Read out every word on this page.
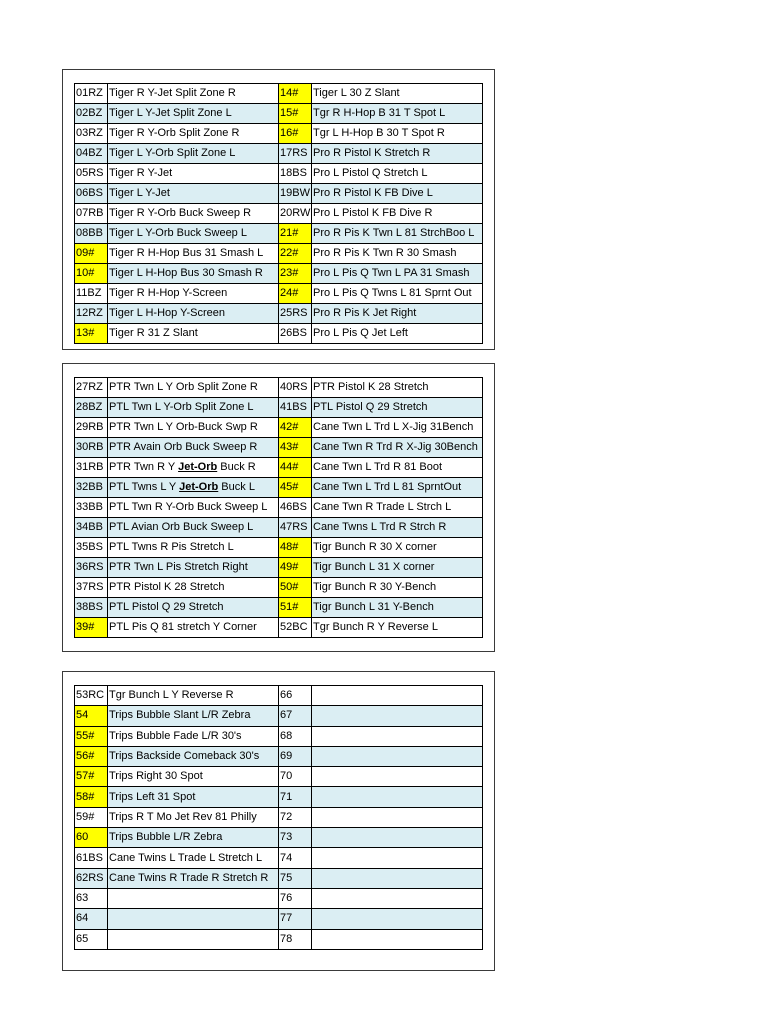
01RZ	Tiger R Y-Jet Split Zone R	14#	Tiger L 30 Z Slant
02BZ	Tiger L Y-Jet Split Zone L	15#	Tgr R H-Hop B 31 T Spot L
03RZ	Tiger R Y-Orb Split Zone R	16#	Tgr L H-Hop B 30 T Spot R
04BZ	Tiger L Y-Orb Split Zone L	17RS	Pro R Pistol K Stretch R
05RS	Tiger R Y-Jet	18BS	Pro L Pistol Q Stretch L
06BS	Tiger L Y-Jet	19BW	Pro R Pistol K FB Dive L
07RB	Tiger R Y-Orb Buck Sweep R	20RW	Pro L Pistol K FB Dive R
08BB	Tiger L Y-Orb Buck Sweep L	21#	Pro R Pis K Twn L 81 StrchBoo L
09#	Tiger R H-Hop Bus 31 Smash L	22#	Pro R Pis K Twn R 30 Smash
10#	Tiger L H-Hop Bus 30 Smash R	23#	Pro L Pis Q Twn L PA 31 Smash
11BZ	Tiger R H-Hop Y-Screen	24#	Pro L Pis Q Twns L 81 Sprnt Out
12RZ	Tiger L H-Hop Y-Screen	25RS	Pro R Pis K Jet Right
13#	Tiger R 31 Z Slant	26BS	Pro L Pis Q Jet Left
27RZ	PTR Twn L Y Orb Split Zone R	40RS	PTR Pistol K 28 Stretch
28BZ	PTL Twn L Y-Orb Split Zone L	41BS	PTL Pistol Q 29 Stretch
29RB	PTR Twn L Y Orb-Buck Swp R	42#	Cane Twn L Trd L X-Jig 31Bench
30RB	PTR Avain Orb Buck Sweep R	43#	Cane Twn R Trd R X-Jig 30Bench
31RB	PTR Twn R Y Jet-Orb Buck R	44#	Cane Twn L Trd R 81 Boot
32BB	PTL Twns L Y Jet-Orb Buck L	45#	Cane Twn L Trd L 81 SprntOut
33BB	PTL Twn R Y-Orb Buck Sweep L	46BS	Cane Twn R Trade L Strch L
34BB	PTL Avian Orb Buck Sweep L	47RS	Cane Twns L Trd R Strch R
35BS	PTL Twns R Pis Stretch L	48#	Tigr Bunch R 30 X corner
36RS	PTR Twn L Pis Stretch Right	49#	Tigr Bunch L 31 X corner
37RS	PTR Pistol K 28 Stretch	50#	Tigr Bunch R 30 Y-Bench
38BS	PTL Pistol Q 29 Stretch	51#	Tigr Bunch L 31 Y-Bench
39#	PTL Pis Q 81 stretch Y Corner	52BC	Tgr Bunch R Y Reverse L
53RC	Tgr Bunch L Y Reverse R	66	
54	Trips Bubble Slant L/R Zebra	67	
55#	Trips Bubble Fade L/R 30's	68	
56#	Trips Backside Comeback 30's	69	
57#	Trips Right 30 Spot	70	
58#	Trips Left 31 Spot	71	
59#	Trips R T Mo Jet Rev 81 Philly	72	
60	Trips Bubble L/R Zebra	73	
61BS	Cane Twins L Trade L Stretch L	74	
62RS	Cane Twins R Trade R Stretch R	75	
63		76	
64		77	
65		78	
